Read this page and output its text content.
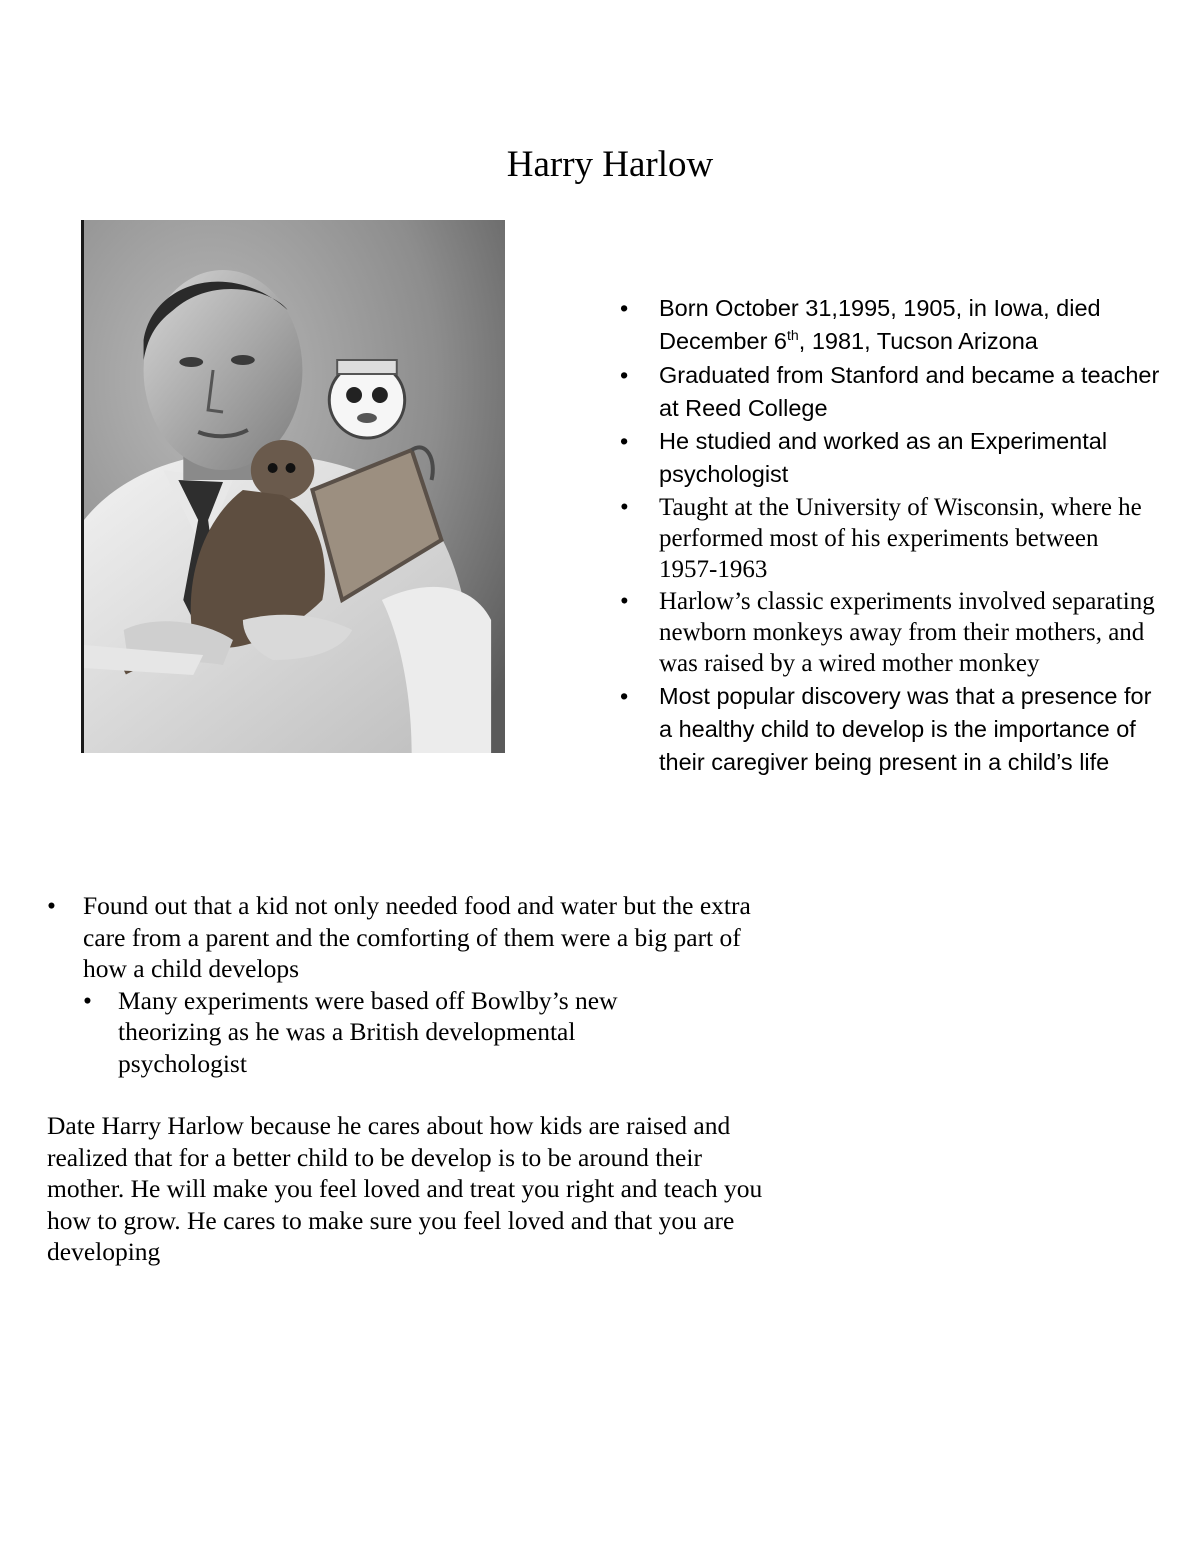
Harry Harlow
• Born October 31,1995, 1905, in Iowa, died December 6th, 1981, Tucson Arizona
• Graduated from Stanford and became a teacher at Reed College
• He studied and worked as an Experimental psychologist
• Taught at the University of Wisconsin, where he performed most of his experiments between 1957-1963
• Harlow’s classic experiments involved separating newborn monkeys away from their mothers, and was raised by a wired mother monkey
• Most popular discovery was that a presence for a healthy child to develop is the importance of their caregiver being present in a child’s life
• Found out that a kid not only needed food and water but the extra care from a parent and the comforting of them were a big part of how a child develops
• Many experiments were based off Bowlby’s new theorizing as he was a British developmental psychologist

Date Harry Harlow because he cares about how kids are raised and realized that for a better child to be develop is to be around their mother. He will make you feel loved and treat you right and teach you how to grow. He cares to make sure you feel loved and that you are developing
